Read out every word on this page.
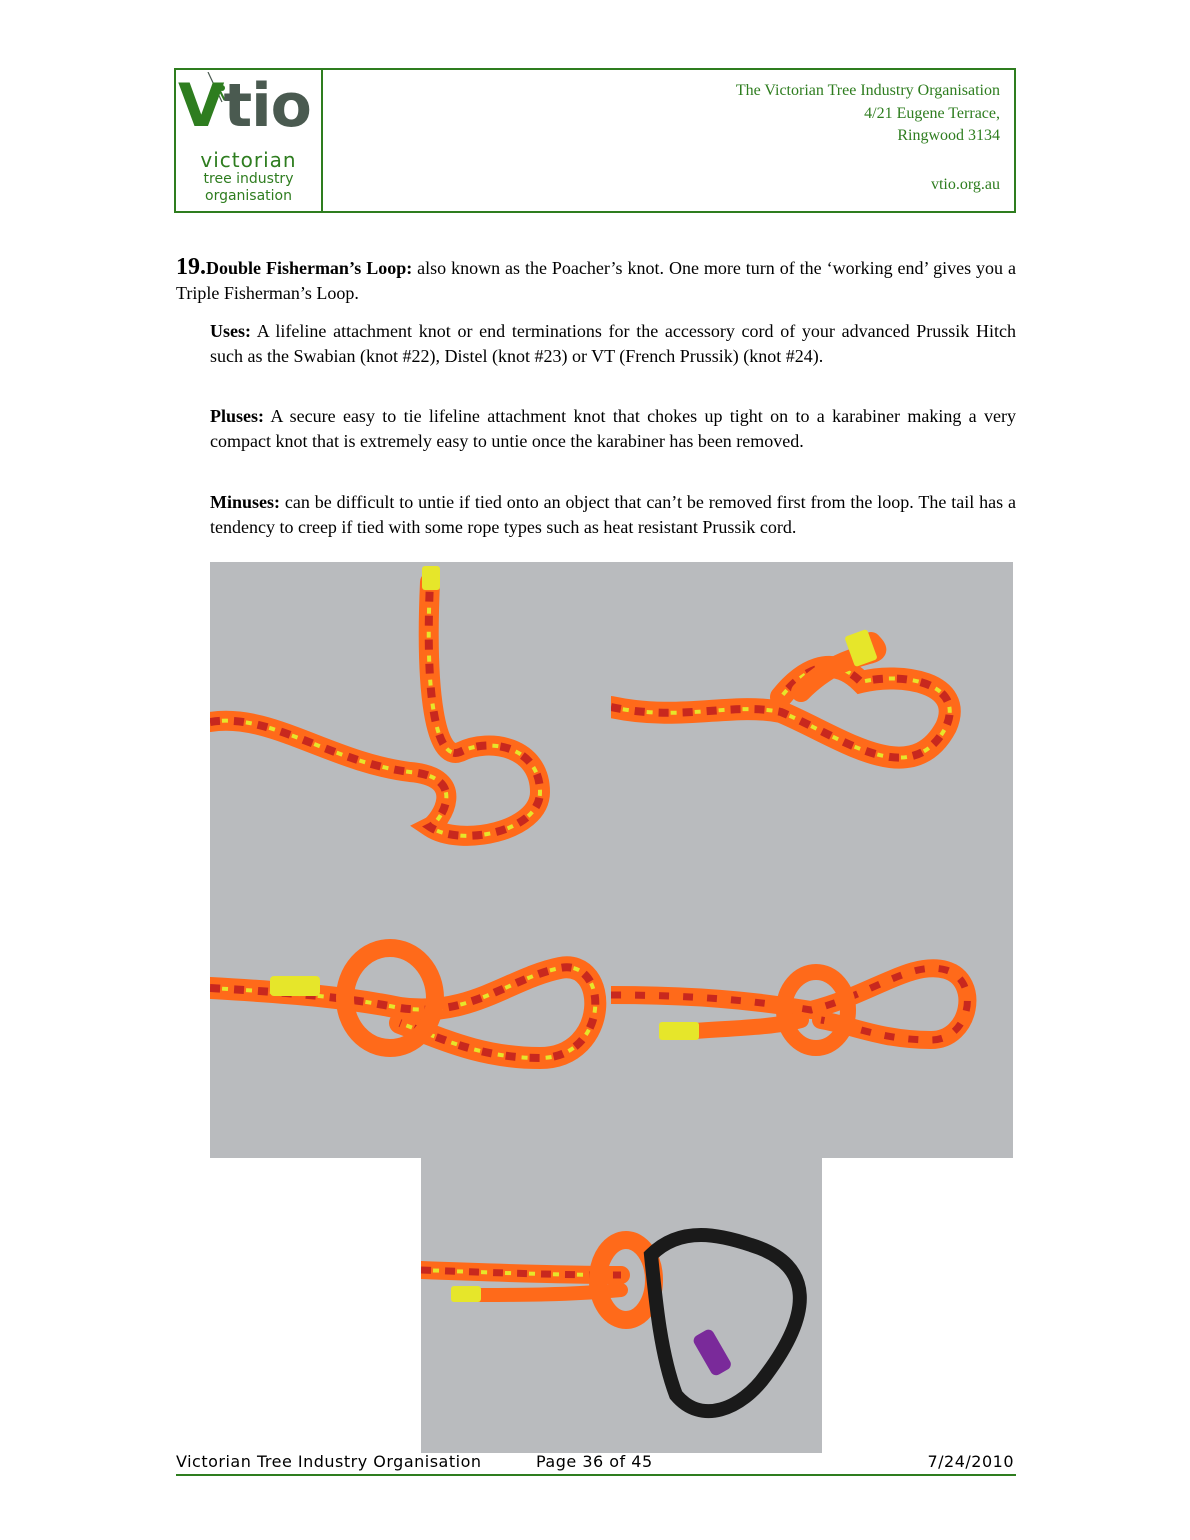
Vtio
victorian
tree industry
organisation
The Victorian Tree Industry Organisation
4/21 Eugene Terrace,
Ringwood 3134
vtio.org.au
19.Double Fisherman’s Loop: also known as the Poacher’s knot. One more turn of the ‘working end’ gives you a Triple Fisherman’s Loop.
Uses: A lifeline attachment knot or end terminations for the accessory cord of your advanced Prussik Hitch such as the Swabian (knot #22), Distel (knot #23) or VT (French Prussik) (knot #24).
Pluses: A secure easy to tie lifeline attachment knot that chokes up tight on to a karabiner making a very compact knot that is extremely easy to untie once the karabiner has been removed.
Minuses: can be difficult to untie if tied onto an object that can’t be removed first from the loop. The tail has a tendency to creep if tied with some rope types such as heat resistant Prussik cord.
Victorian Tree Industry Organisation	Page 36 of 45	7/24/2010
